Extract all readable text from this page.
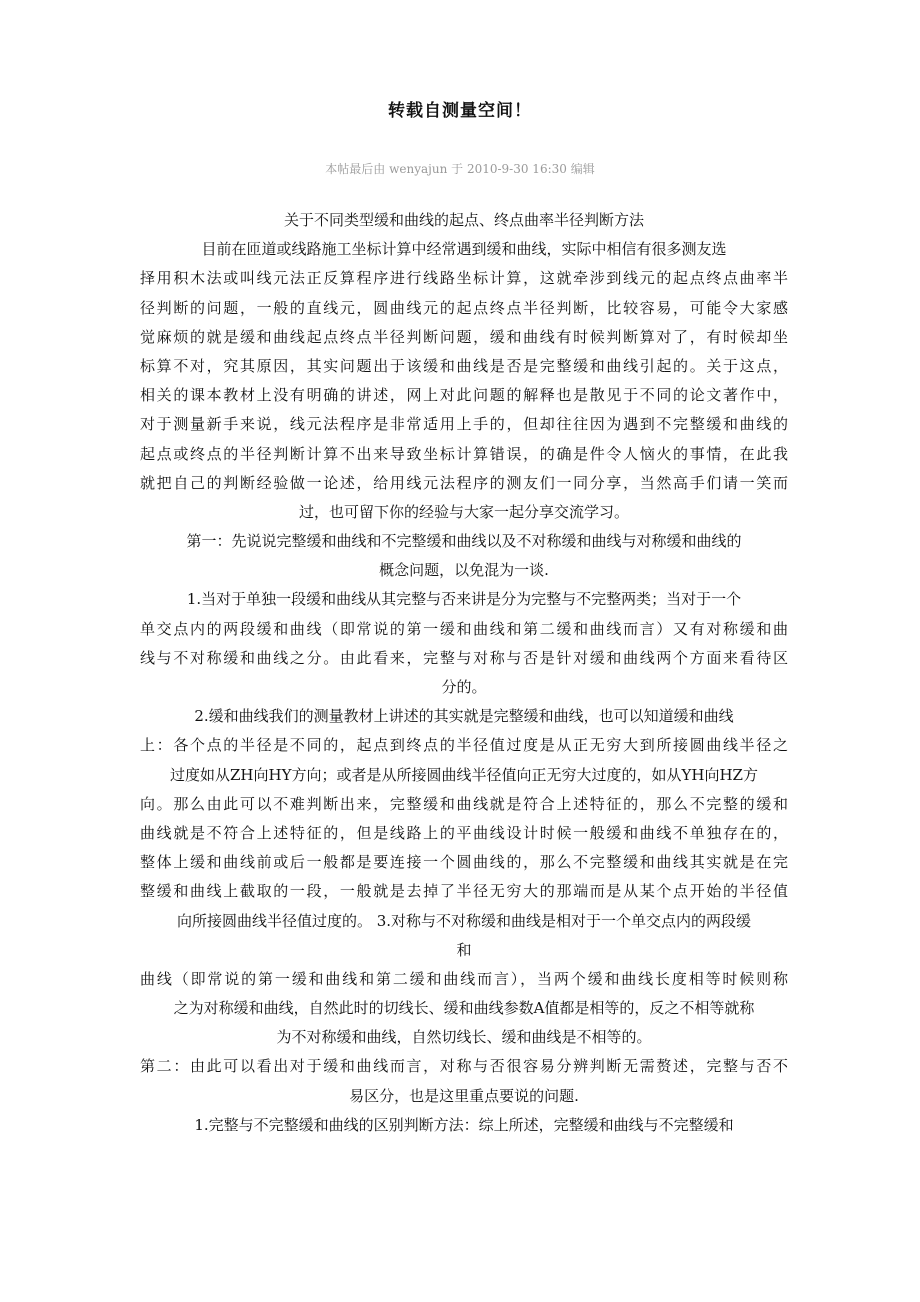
转载自测量空间！
本帖最后由 wenyajun 于 2010-9-30 16:30 编辑
关于不同类型缓和曲线的起点、终点曲率半径判断方法
目前在匝道或线路施工坐标计算中经常遇到缓和曲线，实际中相信有很多测友选
择用积木法或叫线元法正反算程序进行线路坐标计算，这就牵涉到线元的起点终点曲率半
径判断的问题，一般的直线元，圆曲线元的起点终点半径判断，比较容易，可能令大家感
觉麻烦的就是缓和曲线起点终点半径判断问题，缓和曲线有时候判断算对了，有时候却坐
标算不对，究其原因，其实问题出于该缓和曲线是否是完整缓和曲线引起的。关于这点，
相关的课本教材上没有明确的讲述，网上对此问题的解释也是散见于不同的论文著作中，
对于测量新手来说，线元法程序是非常适用上手的，但却往往因为遇到不完整缓和曲线的
起点或终点的半径判断计算不出来导致坐标计算错误，的确是件令人恼火的事情，在此我
就把自己的判断经验做一论述，给用线元法程序的测友们一同分享，当然高手们请一笑而
过，也可留下你的经验与大家一起分享交流学习。
第一：先说说完整缓和曲线和不完整缓和曲线以及不对称缓和曲线与对称缓和曲线的
概念问题，以免混为一谈.
1.当对于单独一段缓和曲线从其完整与否来讲是分为完整与不完整两类；当对于一个
单交点内的两段缓和曲线（即常说的第一缓和曲线和第二缓和曲线而言）又有对称缓和曲
线与不对称缓和曲线之分。由此看来，完整与对称与否是针对缓和曲线两个方面来看待区
分的。
2.缓和曲线我们的测量教材上讲述的其实就是完整缓和曲线，也可以知道缓和曲线
上：各个点的半径是不同的，起点到终点的半径值过度是从正无穷大到所接圆曲线半径之
过度如从ZH向HY方向；或者是从所接圆曲线半径值向正无穷大过度的，如从YH向HZ方
向。那么由此可以不难判断出来，完整缓和曲线就是符合上述特征的，那么不完整的缓和
曲线就是不符合上述特征的，但是线路上的平曲线设计时候一般缓和曲线不单独存在的，
整体上缓和曲线前或后一般都是要连接一个圆曲线的，那么不完整缓和曲线其实就是在完
整缓和曲线上截取的一段，一般就是去掉了半径无穷大的那端而是从某个点开始的半径值
向所接圆曲线半径值过度的。 3.对称与不对称缓和曲线是相对于一个单交点内的两段缓
和
曲线（即常说的第一缓和曲线和第二缓和曲线而言），当两个缓和曲线长度相等时候则称
之为对称缓和曲线，自然此时的切线长、缓和曲线参数A值都是相等的，反之不相等就称
为不对称缓和曲线，自然切线长、缓和曲线是不相等的。
第二：由此可以看出对于缓和曲线而言，对称与否很容易分辨判断无需赘述，完整与否不
易区分，也是这里重点要说的问题.
1.完整与不完整缓和曲线的区别判断方法：综上所述，完整缓和曲线与不完整缓和
